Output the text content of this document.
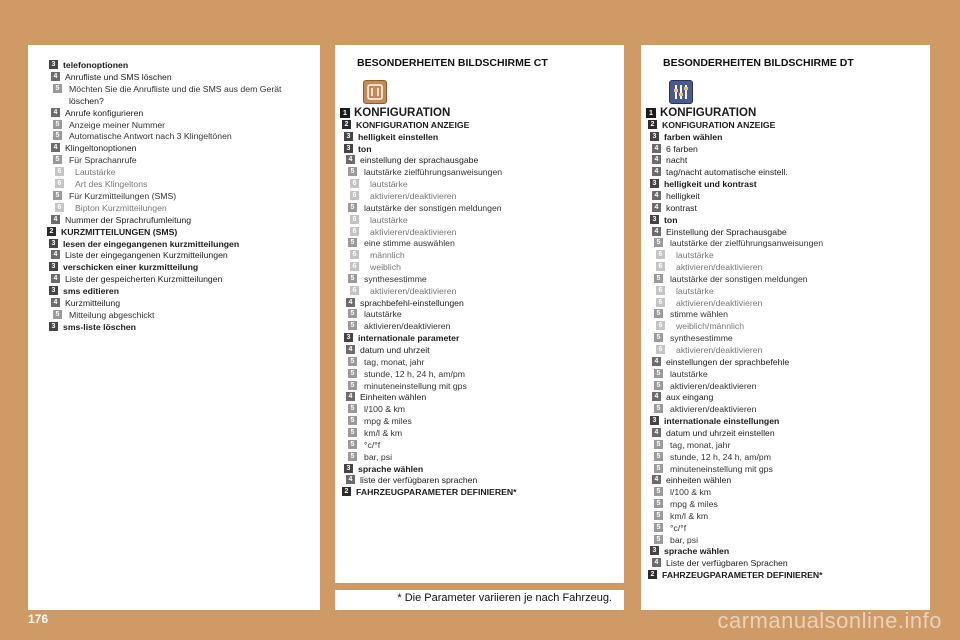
3 telefonoptionen
4 Anrufliste und SMS löschen
5 Möchten Sie die Anrufliste und die SMS aus dem Gerät
löschen?
4 Anrufe konfigurieren
5 Anzeige meiner Nummer
5 Automatische Antwort nach 3 Klingeltönen
4 Klingeltonoptionen
5 Für Sprachanrufe
6 Lautstärke
6 Art des Klingeltons
5 Für Kurzmitteilungen (SMS)
6 Bipton Kurzmitteilungen
4 Nummer der Sprachrufumleitung
2 KURZMITTEILUNGEN (SMS)
3 lesen der eingegangenen kurzmitteilungen
4 Liste der eingegangenen Kurzmitteilungen
3 verschicken einer kurzmitteilung
4 Liste der gespeicherten Kurzmitteilungen
3 sms editieren
4 Kurzmitteilung
5 Mitteilung abgeschickt
3 sms-liste löschen
BESONDERHEITEN BILDSCHIRME CT
1 KONFIGURATION
2 KONFIGURATION ANZEIGE
3 helligkeit einstellen
3 ton
4 einstellung der sprachausgabe
5 lautstärke zielführungsanweisungen
6 lautstärke
6 aktivieren/deaktivieren
5 lautstärke der sonstigen meldungen
6 lautstärke
6 aktivieren/deaktivieren
5 eine stimme auswählen
6 männlich
6 weiblich
5 synthesestimme
6 aktivieren/deaktivieren
4 sprachbefehl-einstellungen
5 lautstärke
5 aktivieren/deaktivieren
3 internationale parameter
4 datum und uhrzeit
5 tag, monat, jahr
5 stunde, 12 h, 24 h, am/pm
5 minuteneinstellung mit gps
4 Einheiten wählen
5 l/100 & km
5 mpg & miles
5 km/l & km
5 °c/°f
5 bar, psi
3 sprache wählen
4 liste der verfügbaren sprachen
2 FAHRZEUGPARAMETER DEFINIEREN*
BESONDERHEITEN BILDSCHIRME DT
1 KONFIGURATION
2 KONFIGURATION ANZEIGE
3 farben wählen
4 6 farben
4 nacht
4 tag/nacht automatische einstell.
3 helligkeit und kontrast
4 helligkeit
4 kontrast
3 ton
4 Einstellung der Sprachausgabe
5 lautstärke der zielführungsanweisungen
6 lautstärke
6 aktivieren/deaktivieren
5 lautstärke der sonstigen meldungen
6 lautstärke
6 aktivieren/deaktivieren
5 stimme wählen
6 weiblich/männlich
5 synthesestimme
6 aktivieren/deaktivieren
4 einstellungen der sprachbefehle
5 lautstärke
5 aktivieren/deaktivieren
4 aux eingang
5 aktivieren/deaktivieren
3 internationale einstellungen
4 datum und uhrzeit einstellen
5 tag, monat, jahr
5 stunde, 12 h, 24 h, am/pm
5 minuteneinstellung mit gps
4 einheiten wählen
5 l/100 & km
5 mpg & miles
5 km/l & km
5 °c/°f
5 bar, psi
3 sprache wählen
4 Liste der verfügbaren Sprachen
2 FAHRZEUGPARAMETER DEFINIEREN*
* Die Parameter variieren je nach Fahrzeug.
176	carmanualsonline.info
